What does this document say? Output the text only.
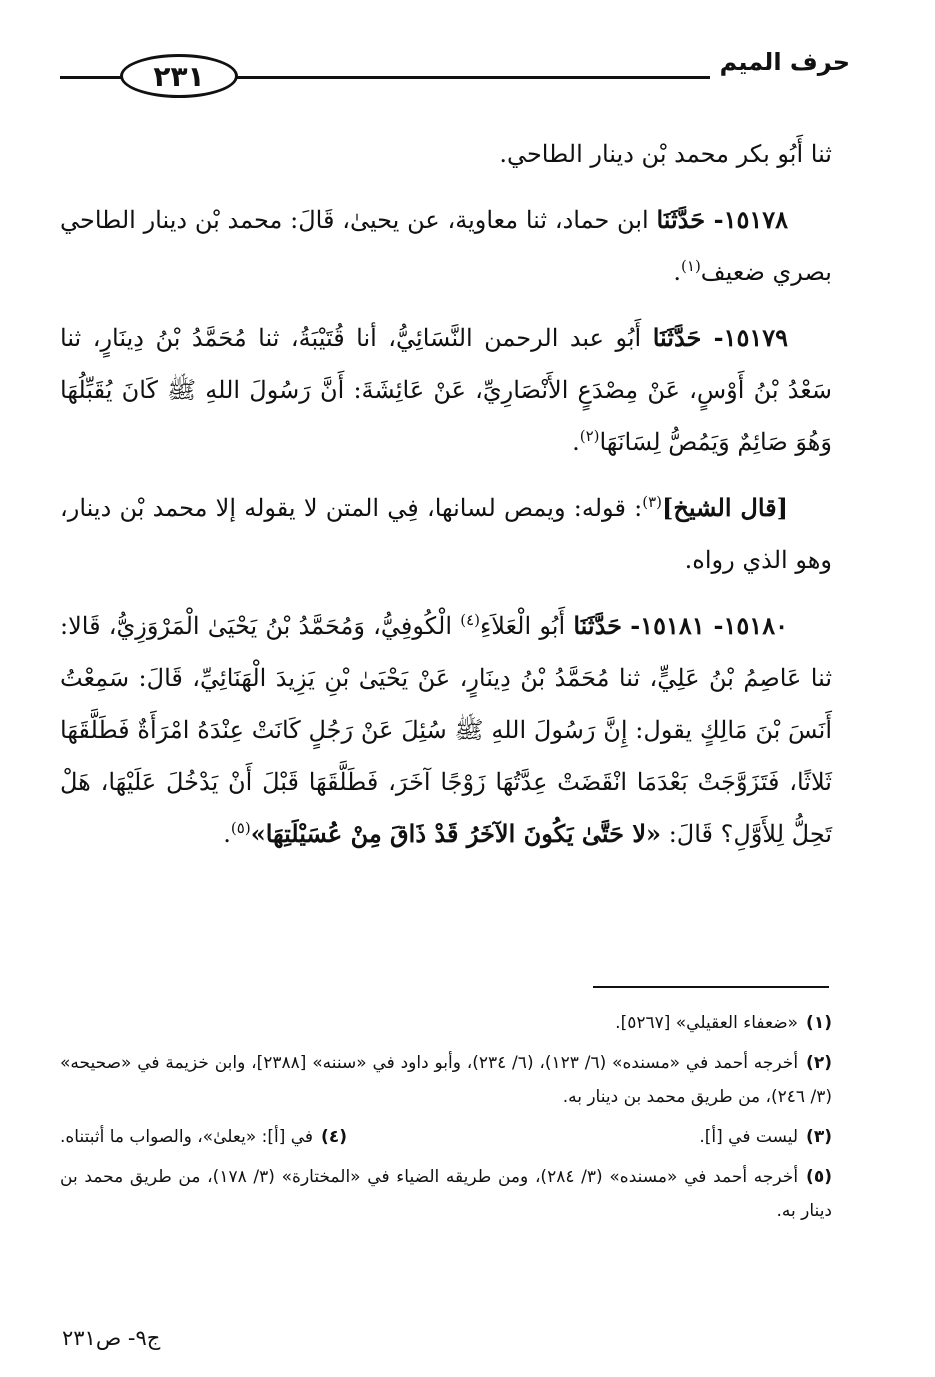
٢٣١	حرف الميم

ثنا أَبُو بكر محمد بْن دينار الطاحي.

١٥١٧٨- حَدَّثَنَا ابن حماد، ثنا معاوية، عن يحيىٰ، قَالَ: محمد بْن دينار الطاحي بصري ضعيف$^{(١)}$.

١٥١٧٩- حَدَّثَنَا أَبُو عبد الرحمن النَّسَائِيُّ، أنا قُتَيْبَةُ، ثنا مُحَمَّدُ بْنُ دِينَارٍ، ثنا سَعْدُ بْنُ أَوْسٍ، عَنْ مِصْدَعٍ الأَنْصَارِيِّ، عَنْ عَائِشَةَ: أَنَّ رَسُولَ اللهِ ﷺ كَانَ يُقَبِّلُهَا وَهُوَ صَائِمٌ وَيَمُصُّ لِسَانَهَا$^{(٢)}$.

[قال الشيخ]$^{(٣)}$: قوله: ويمص لسانها، فِي المتن لا يقوله إلا محمد بْن دينار، وهو الذي رواه.

١٥١٨٠- ١٥١٨١- حَدَّثَنَا أَبُو الْعَلاَءِ$^{(٤)}$ الْكُوفِيُّ، وَمُحَمَّدُ بْنُ يَحْيَىٰ الْمَرْوَزِيُّ، قَالا: ثنا عَاصِمُ بْنُ عَلِيٍّ، ثنا مُحَمَّدُ بْنُ دِينَارٍ، عَنْ يَحْيَىٰ بْنِ يَزِيدَ الْهَنَائِيِّ، قَالَ: سَمِعْتُ أَنَسَ بْنَ مَالِكٍ يقول: إِنَّ رَسُولَ اللهِ ﷺ سُئِلَ عَنْ رَجُلٍ كَانَتْ عِنْدَهُ امْرَأَةٌ فَطَلَّقَهَا ثَلاثًا، فَتَزَوَّجَتْ بَعْدَمَا انْقَضَتْ عِدَّتُهَا زَوْجًا آخَرَ، فَطَلَّقَهَا قَبْلَ أَنْ يَدْخُلَ عَلَيْهَا، هَلْ تَحِلُّ لِلأَوَّلِ؟ قَالَ: «لا حَتَّىٰ يَكُونَ الآخَرُ قَدْ ذَاقَ مِنْ عُسَيْلَتِهَا»$^{(٥)}$.

(١)«ضعفاء العقيلي» [٥٢٦٧].
(٢)أخرجه أحمد في «مسنده» (٦/ ١٢٣)، (٦/ ٢٣٤)، وأبو داود في «سننه» [٢٣٨٨]، وابن خزيمة في «صحيحه» (٣/ ٢٤٦)، من طريق محمد بن دينار به.
(٣)ليست في [أ].
(٤)في [أ]: «يعلىٰ»، والصواب ما أثبتناه.
(٥)أخرجه أحمد في «مسنده» (٣/ ٢٨٤)، ومن طريقه الضياء في «المختارة» (٣/ ١٧٨)، من طريق محمد بن دينار به.
ج٩- ص٢٣١
